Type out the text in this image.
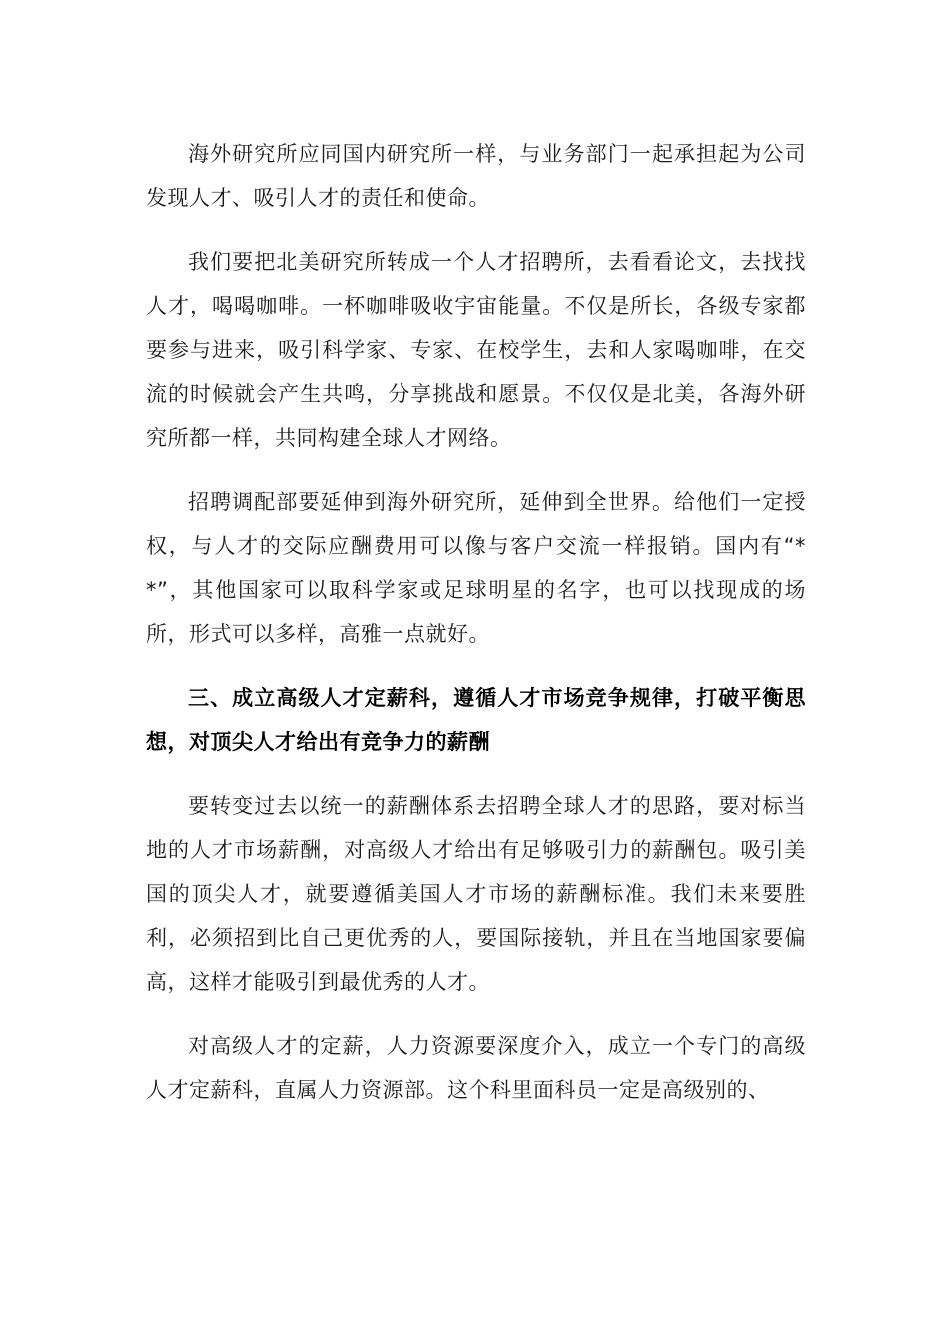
海外研究所应同国内研究所一样，与业务部门一起承担起为公司发现人才、吸引人才的责任和使命。

我们要把北美研究所转成一个人才招聘所，去看看论文，去找找人才，喝喝咖啡。一杯咖啡吸收宇宙能量。不仅是所长，各级专家都要参与进来，吸引科学家、专家、在校学生，去和人家喝咖啡，在交流的时候就会产生共鸣，分享挑战和愿景。不仅仅是北美，各海外研究所都一样，共同构建全球人才网络。

招聘调配部要延伸到海外研究所，延伸到全世界。给他们一定授权，与人才的交际应酬费用可以像与客户交流一样报销。国内有“**”，其他国家可以取科学家或足球明星的名字，也可以找现成的场所，形式可以多样，高雅一点就好。

三、成立高级人才定薪科，遵循人才市场竞争规律，打破平衡思想，对顶尖人才给出有竞争力的薪酬

要转变过去以统一的薪酬体系去招聘全球人才的思路，要对标当地的人才市场薪酬，对高级人才给出有足够吸引力的薪酬包。吸引美国的顶尖人才，就要遵循美国人才市场的薪酬标准。我们未来要胜利，必须招到比自己更优秀的人，要国际接轨，并且在当地国家要偏高，这样才能吸引到最优秀的人才。

对高级人才的定薪，人力资源要深度介入，成立一个专门的高级人才定薪科，直属人力资源部。这个科里面科员一定是高级别的、
